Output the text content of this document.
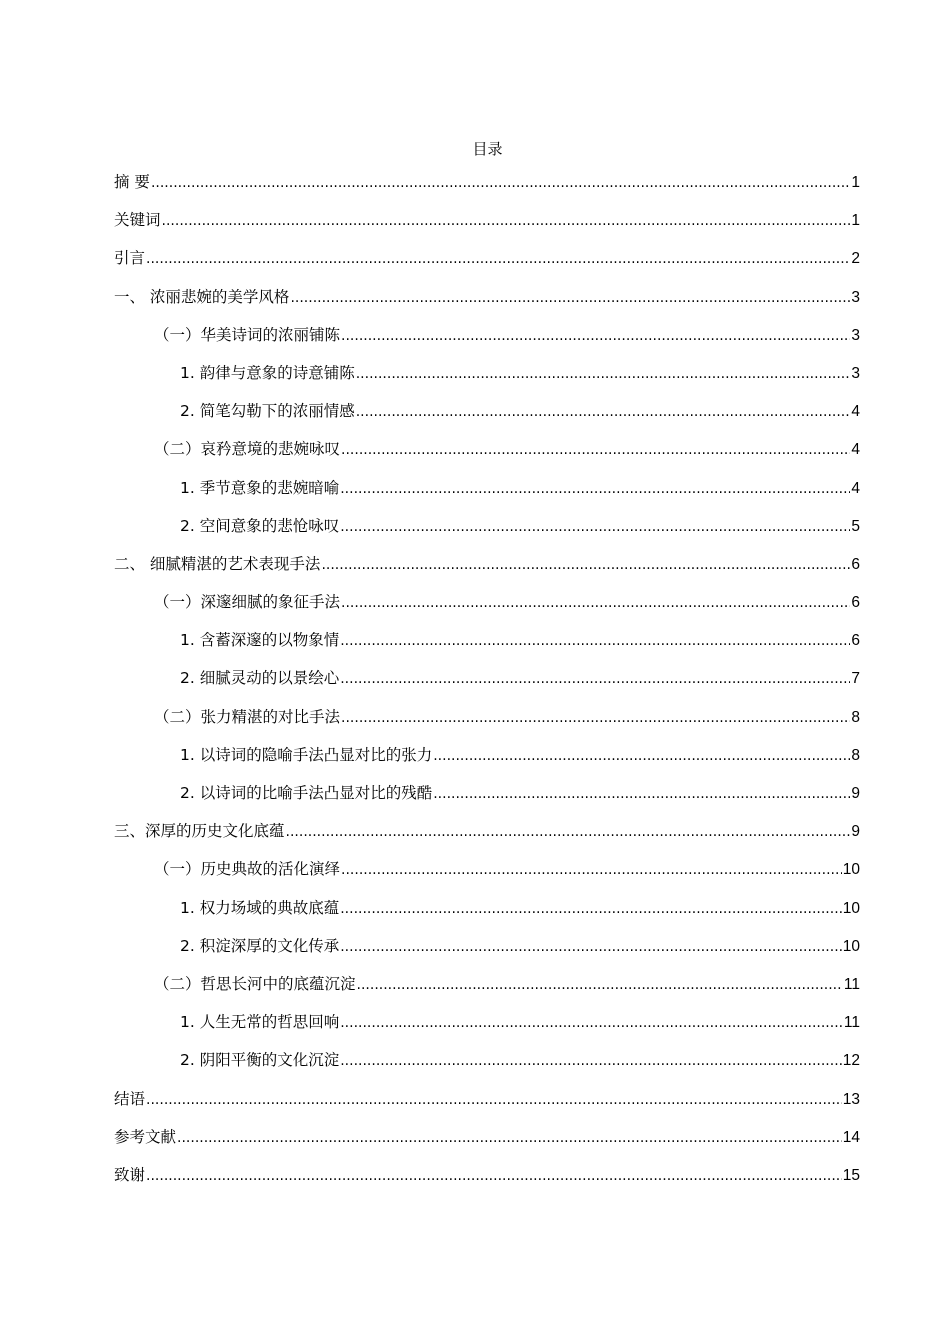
目录
摘 要 .....	1
关键词 .....	1
引言 .....	2
一、 浓丽悲婉的美学风格 .....	3
（一）华美诗词的浓丽铺陈 .....	3
1. 韵律与意象的诗意铺陈 .....	3
2. 简笔勾勒下的浓丽情感 .....	4
（二）哀矜意境的悲婉咏叹 .....	4
1. 季节意象的悲婉暗喻 .....	4
2. 空间意象的悲怆咏叹 .....	5
二、 细腻精湛的艺术表现手法 .....	6
（一）深邃细腻的象征手法 .....	6
1. 含蓄深邃的以物象情 .....	6
2. 细腻灵动的以景绘心 .....	7
（二）张力精湛的对比手法 .....	8
1. 以诗词的隐喻手法凸显对比的张力 .....	8
2. 以诗词的比喻手法凸显对比的残酷 .....	9
三、深厚的历史文化底蕴 .....	9
（一）历史典故的活化演绎 .....	10
1. 权力场域的典故底蕴 .....	10
2. 积淀深厚的文化传承 .....	10
（二）哲思长河中的底蕴沉淀 .....	11
1. 人生无常的哲思回响 .....	11
2. 阴阳平衡的文化沉淀 .....	12
结语 .....	13
参考文献 .....	14
致谢 .....	15
